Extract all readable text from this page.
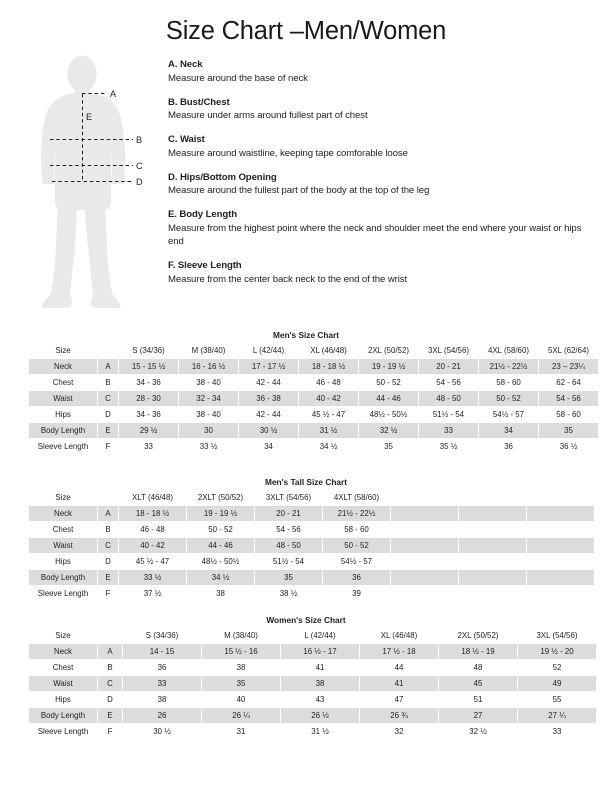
Size Chart –Men/Women
A
B
C
D
E
A. Neck
Measure around the base of neck
B. Bust/Chest
Measure under arms around fullest part of chest
C. Waist
Measure around waistline, keeping tape comforable loose
D. Hips/Bottom Opening
Measure around the fullest part of the body at the top of the leg
E. Body Length
Measure from the highest point where the neck and shoulder meet the end where your waist or hips end
F. Sleeve Length
Measure from the center back neck to the end of the wrist
Men's Size Chart
Size		S (34/36)	M (38/40)	L (42/44)	XL (46/48)	2XL (50/52)	3XL (54/56)	4XL (58/60)	5XL (62/64)
Neck	A	15 - 15 ½	16 - 16 ½	17 - 17 ½	18 - 18 ½	19 - 19 ½	20 - 21	21½ - 22½	23 – 23¼
Chest	B	34 - 36	38 - 40	42 - 44	46 - 48	50 - 52	54 - 56	58 - 60	62 - 64
Waist	C	28 - 30	32 - 34	36 - 38	40 - 42	44 - 46	48 - 50	50 - 52	54 - 56
Hips	D	34 - 36	38 - 40	42 - 44	45 ½ - 47	48½ - 50½	51½ - 54	54½ - 57	58 - 60
Body Length	E	29 ½	30	30 ½	31 ½	32 ½	33	34	35
Sleeve Length	F	33	33 ½	34	34 ½	35	35 ½	36	36 ½
Men's Tall Size Chart
Size		XLT (46/48)	2XLT (50/52)	3XLT (54/56)	4XLT (58/60)			
Neck	A	18 - 18 ½	19 - 19 ½	20 - 21	21½ - 22½			
Chest	B	46 - 48	50 - 52	54 - 56	58 - 60			
Waist	C	40 - 42	44 - 46	48 - 50	50 - 52			
Hips	D	45 ½ - 47	48½ - 50½	51½ - 54	54½ - 57			
Body Length	E	33 ½	34 ½	35	36			
Sleeve Length	F	37 ½	38	38 ½	39			
Women's Size Chart
Size		S (34/36)	M (38/40)	L (42/44)	XL (46/48)	2XL (50/52)	3XL (54/56)
Neck	A	14 - 15	15 ½ - 16	16 ½ - 17	17 ½ - 18	18 ½ - 19	19 ½ - 20
Chest	B	36	38	41	44	48	52
Waist	C	33	35	38	41	45	49
Hips	D	38	40	43	47	51	55
Body Length	E	26	26 ¼	26 ½	26 ¾	27	27 ¼
Sleeve Length	F	30 ½	31	31 ½	32	32 ½	33
